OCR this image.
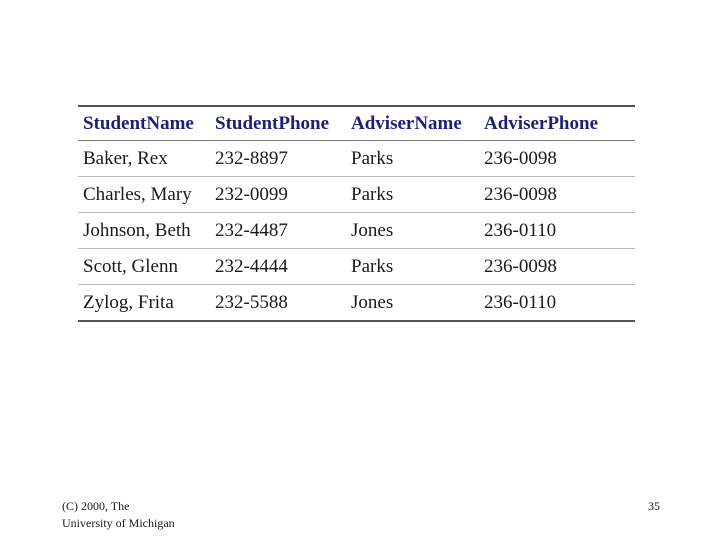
StudentName	StudentPhone	AdviserName	AdviserPhone
Baker, Rex	232-8897	Parks	236-0098
Charles, Mary	232-0099	Parks	236-0098
Johnson, Beth	232-4487	Jones	236-0110
Scott, Glenn	232-4444	Parks	236-0098
Zylog, Frita	232-5588	Jones	236-0110
(C) 2000, The
University of Michigan
35
